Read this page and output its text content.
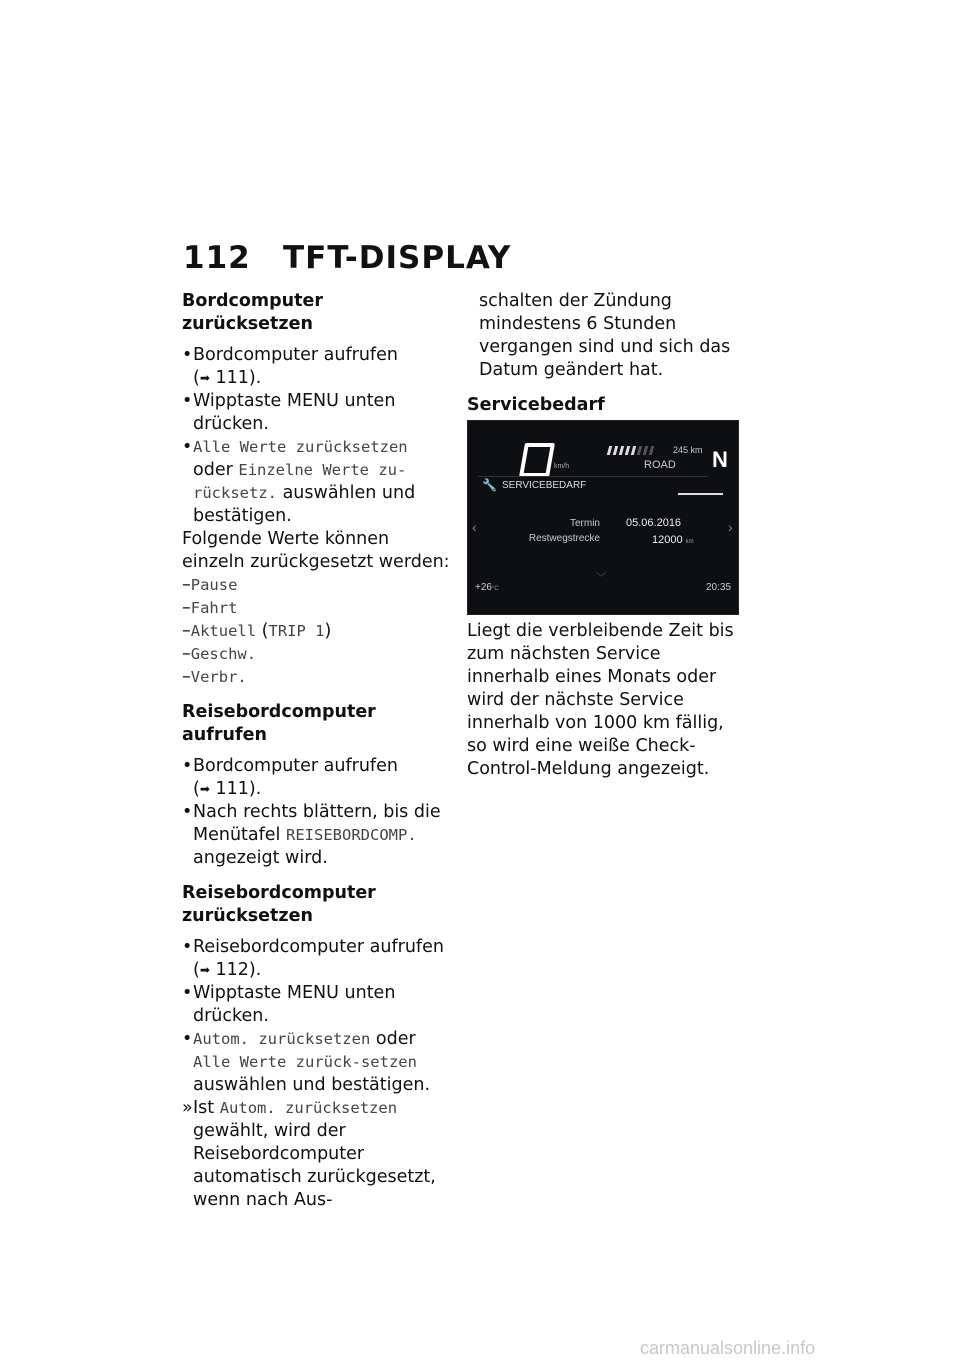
112 TFT-DISPLAY
Bordcomputer zurücksetzen

• Bordcomputer aufrufen
(➡ 111).

• Wipptaste MENU unten drücken.

• Alle Werte zurücksetzen oder Einzelne Werte zu-rücksetz. auswählen und bestätigen.

Folgende Werte können einzeln zurückgesetzt werden:

–Pause

–Fahrt

–Aktuell (TRIP 1)

–Geschw.

–Verbr.

Reisebordcomputer aufrufen

• Bordcomputer aufrufen
(➡ 111).

• Nach rechts blättern, bis die Menütafel REISEBORDCOMP. angezeigt wird.

Reisebordcomputer zurücksetzen

• Reisebordcomputer aufrufen
(➡ 112).

• Wipptaste MENU unten drücken.

• Autom. zurücksetzen oder Alle Werte zurück-setzen auswählen und bestätigen.

» Ist Autom. zurücksetzen gewählt, wird der Reisebordcomputer automatisch zurückgesetzt, wenn nach Aus-

schalten der Zündung mindestens 6 Stunden vergangen sind und sich das Datum geändert hat.

Servicebedarf
km/h
245 km
ROAD N
🔧 SERVICEBEDARF
‹	›
Termin 05.06.2016
Restwegstrecke	12000 km
﹀
+26°C	20:35

Liegt die verbleibende Zeit bis zum nächsten Service innerhalb eines Monats oder wird der nächste Service innerhalb von 1000 km fällig, so wird eine weiße Check-Control-Meldung angezeigt.

carmanualsonline.info
